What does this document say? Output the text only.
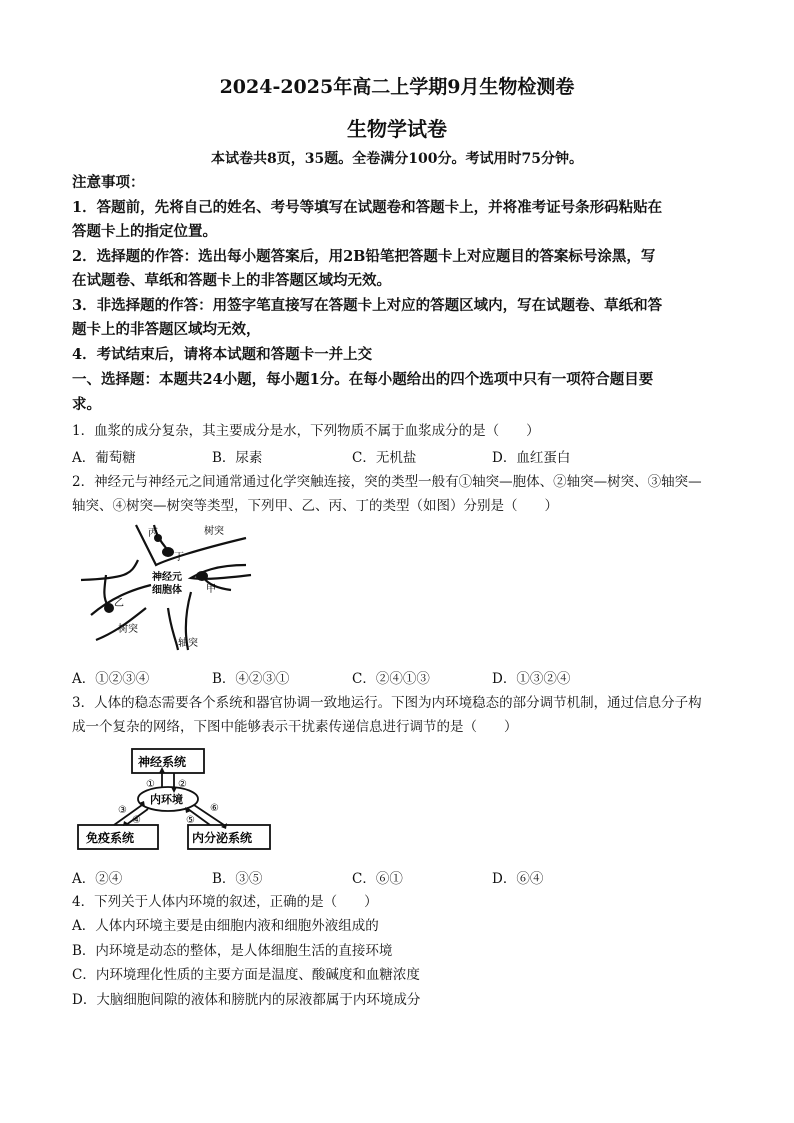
2024-2025年高二上学期9月生物检测卷
生物学试卷
本试卷共8页，35题。全卷满分100分。考试用时75分钟。
注意事项：
1．答题前，先将自己的姓名、考号等填写在试题卷和答题卡上，并将准考证号条形码粘贴在
答题卡上的指定位置。
2．选择题的作答：选出每小题答案后，用2B铅笔把答题卡上对应题目的答案标号涂黑，写
在试题卷、草纸和答题卡上的非答题区域均无效。
3．非选择题的作答：用签字笔直接写在答题卡上对应的答题区域内，写在试题卷、草纸和答
题卡上的非答题区域均无效，
4．考试结束后，请将本试题和答题卡一并上交
一、选择题：本题共24小题，每小题1分。在每小题给出的四个选项中只有一项符合题目要
求。
1．血浆的成分复杂，其主要成分是水，下列物质不属于血浆成分的是（　　）
A．葡萄糖	B．尿素	C．无机盐	D．血红蛋白
2．神经元与神经元之间通常通过化学突触连接，突的类型一般有①轴突—胞体、②轴突—树突、③轴突—
轴突、④树突—树突等类型，下列甲、乙、丙、丁的类型（如图）分别是（　　）
丙
丁
树突
神经元
细胞体 甲
乙
树突
轴突
A．①②③④	B．④②③①	C．②④①③	D．①③②④
3．人体的稳态需要各个系统和器官协调一致地运行。下图为内环境稳态的部分调节机制，通过信息分子构
成一个复杂的网络，下图中能够表示干扰素传递信息进行调节的是（　　）
神经系统
内环境
免疫系统	内分泌系统
① ②
③
④	⑤
⑥
A．②④	B．③⑤	C．⑥①	D．⑥④
4．下列关于人体内环境的叙述，正确的是（　　）
A．人体内环境主要是由细胞内液和细胞外液组成的
B．内环境是动态的整体，是人体细胞生活的直接环境
C．内环境理化性质的主要方面是温度、酸碱度和血糖浓度
D．大脑细胞间隙的液体和膀胱内的尿液都属于内环境成分
